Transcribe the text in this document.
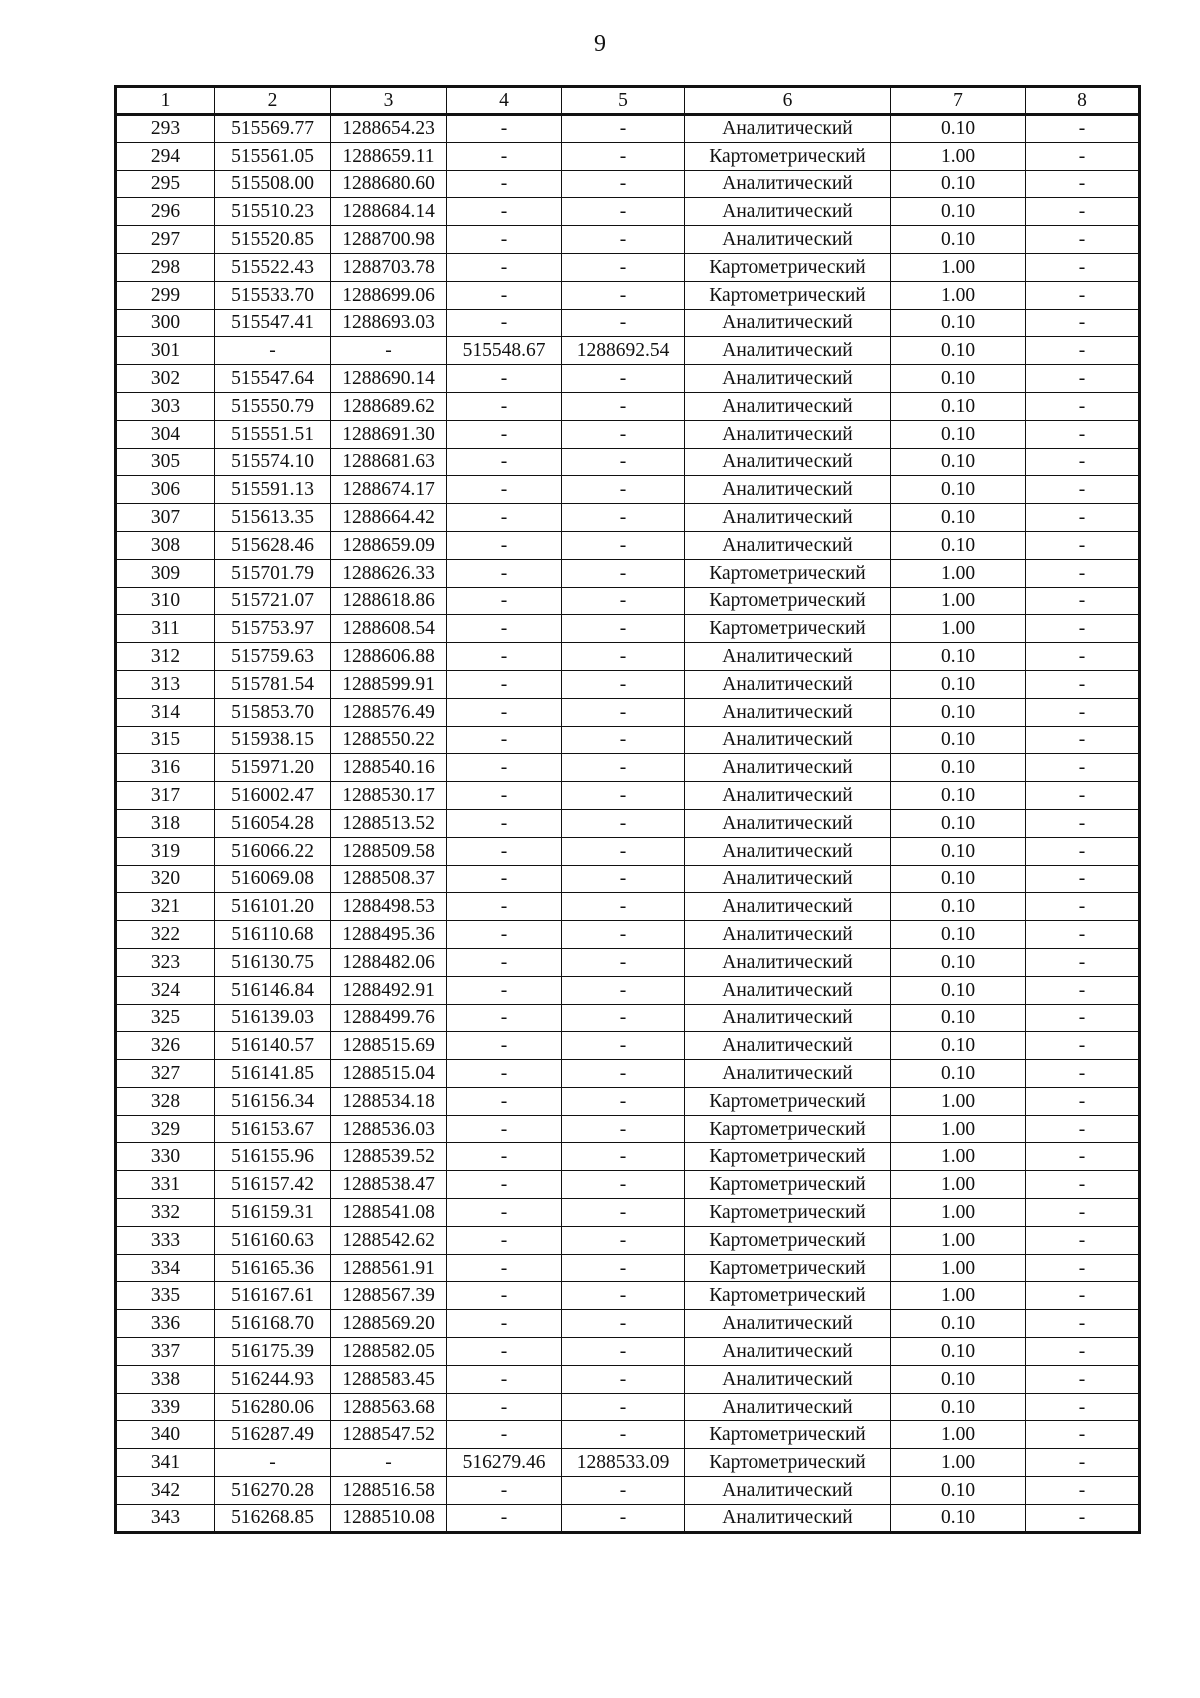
9
1	2	3	4	5	6	7	8
293	515569.77	1288654.23	-	-	Аналитический	0.10	-
294	515561.05	1288659.11	-	-	Картометрический	1.00	-
295	515508.00	1288680.60	-	-	Аналитический	0.10	-
296	515510.23	1288684.14	-	-	Аналитический	0.10	-
297	515520.85	1288700.98	-	-	Аналитический	0.10	-
298	515522.43	1288703.78	-	-	Картометрический	1.00	-
299	515533.70	1288699.06	-	-	Картометрический	1.00	-
300	515547.41	1288693.03	-	-	Аналитический	0.10	-
301	-	-	515548.67	1288692.54	Аналитический	0.10	-
302	515547.64	1288690.14	-	-	Аналитический	0.10	-
303	515550.79	1288689.62	-	-	Аналитический	0.10	-
304	515551.51	1288691.30	-	-	Аналитический	0.10	-
305	515574.10	1288681.63	-	-	Аналитический	0.10	-
306	515591.13	1288674.17	-	-	Аналитический	0.10	-
307	515613.35	1288664.42	-	-	Аналитический	0.10	-
308	515628.46	1288659.09	-	-	Аналитический	0.10	-
309	515701.79	1288626.33	-	-	Картометрический	1.00	-
310	515721.07	1288618.86	-	-	Картометрический	1.00	-
311	515753.97	1288608.54	-	-	Картометрический	1.00	-
312	515759.63	1288606.88	-	-	Аналитический	0.10	-
313	515781.54	1288599.91	-	-	Аналитический	0.10	-
314	515853.70	1288576.49	-	-	Аналитический	0.10	-
315	515938.15	1288550.22	-	-	Аналитический	0.10	-
316	515971.20	1288540.16	-	-	Аналитический	0.10	-
317	516002.47	1288530.17	-	-	Аналитический	0.10	-
318	516054.28	1288513.52	-	-	Аналитический	0.10	-
319	516066.22	1288509.58	-	-	Аналитический	0.10	-
320	516069.08	1288508.37	-	-	Аналитический	0.10	-
321	516101.20	1288498.53	-	-	Аналитический	0.10	-
322	516110.68	1288495.36	-	-	Аналитический	0.10	-
323	516130.75	1288482.06	-	-	Аналитический	0.10	-
324	516146.84	1288492.91	-	-	Аналитический	0.10	-
325	516139.03	1288499.76	-	-	Аналитический	0.10	-
326	516140.57	1288515.69	-	-	Аналитический	0.10	-
327	516141.85	1288515.04	-	-	Аналитический	0.10	-
328	516156.34	1288534.18	-	-	Картометрический	1.00	-
329	516153.67	1288536.03	-	-	Картометрический	1.00	-
330	516155.96	1288539.52	-	-	Картометрический	1.00	-
331	516157.42	1288538.47	-	-	Картометрический	1.00	-
332	516159.31	1288541.08	-	-	Картометрический	1.00	-
333	516160.63	1288542.62	-	-	Картометрический	1.00	-
334	516165.36	1288561.91	-	-	Картометрический	1.00	-
335	516167.61	1288567.39	-	-	Картометрический	1.00	-
336	516168.70	1288569.20	-	-	Аналитический	0.10	-
337	516175.39	1288582.05	-	-	Аналитический	0.10	-
338	516244.93	1288583.45	-	-	Аналитический	0.10	-
339	516280.06	1288563.68	-	-	Аналитический	0.10	-
340	516287.49	1288547.52	-	-	Картометрический	1.00	-
341	-	-	516279.46	1288533.09	Картометрический	1.00	-
342	516270.28	1288516.58	-	-	Аналитический	0.10	-
343	516268.85	1288510.08	-	-	Аналитический	0.10	-
